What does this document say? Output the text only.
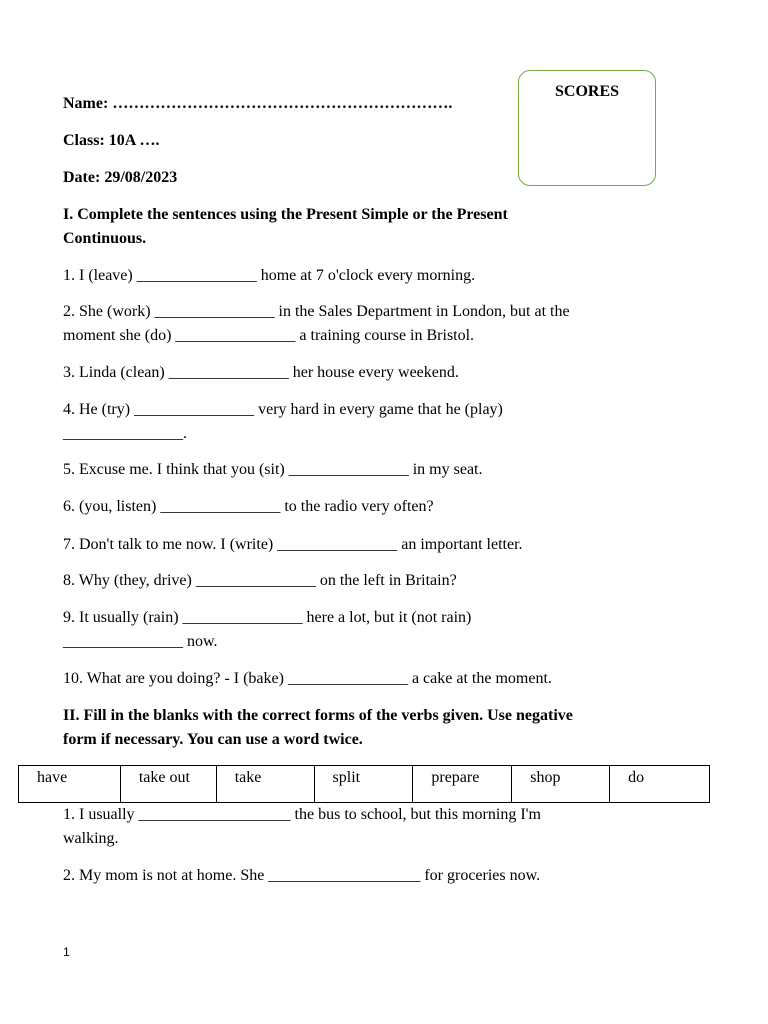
Name: ……………………………………………………….
Class: 10A ….
Date: 29/08/2023
SCORES
I. Complete the sentences using the Present Simple or the Present
Continuous.
1. I (leave) _______________ home at 7 o'clock every morning.
2. She (work) _______________ in the Sales Department in London, but at the
moment she (do) _______________ a training course in Bristol.
3. Linda (clean) _______________ her house every weekend.
4. He (try) _______________ very hard in every game that he (play)
_______________.
5. Excuse me. I think that you (sit) _______________ in my seat.
6. (you, listen) _______________ to the radio very often?
7. Don't talk to me now. I (write) _______________ an important letter.
8. Why (they, drive) _______________ on the left in Britain?
9. It usually (rain) _______________ here a lot, but it (not rain)
_______________ now.
10. What are you doing? - I (bake) _______________ a cake at the moment.
II. Fill in the blanks with the correct forms of the verbs given. Use negative
form if necessary. You can use a word twice.
have	take out	take	split	prepare	shop	do
1. I usually ___________________ the bus to school, but this morning I'm
walking.
2. My mom is not at home. She ___________________ for groceries now.
1
